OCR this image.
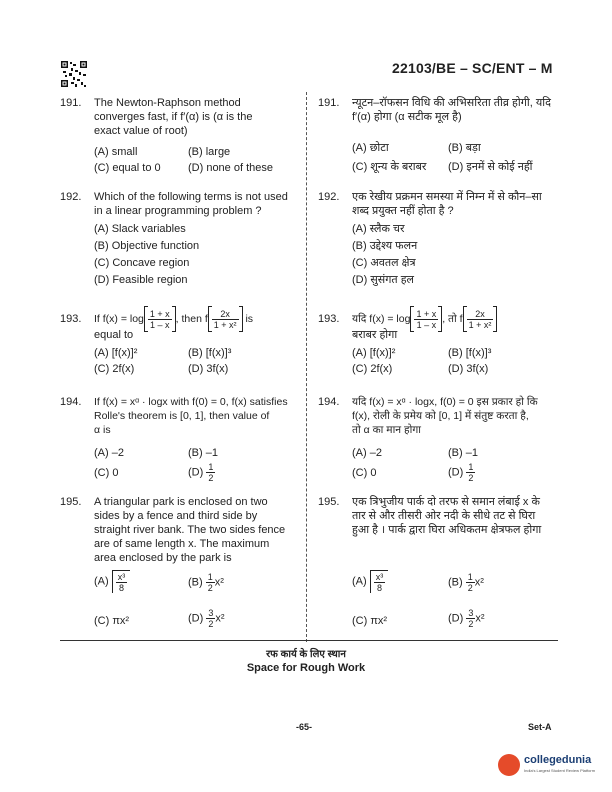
22103/BE – SC/ENT – M
191.	The Newton-Raphson method
converges fast, if f′(α) is (α is the
exact value of root)
(A) small	(B) large
(C) equal to 0 (D) none of these
191.	न्यूटन–रॉफसन विधि की अभिसरिता तीव्र होगी, यदि
f′(α) होगा (α सटीक मूल है)
(A) छोटा	(B) बड़ा
(C) शून्य के बराबर (D) इनमें से कोई नहीं
192.	Which of the following terms is not used
in a linear programming problem ?
(A) Slack variables
(B) Objective function
(C) Concave region
(D) Feasible region
192.	एक रेखीय प्रक्रमन समस्या में निम्न में से कौन–सा
शब्द प्रयुक्त नहीं होता है ?
(A) स्लैक चर
(B) उद्देश्य फलन
(C) अवतल क्षेत्र
(D) सुसंगत हल
193.	If $f(x) = \log \frac{1 + x}{1 - x}$ , then f $\frac{2x}{\text{1 + x²}}$ is
equal to
(A) [f(x)]²	(B) [f(x)]³
(C) 2f(x)	(D) 3f(x)
193.	यदि $f(x) = \log \frac{1 + x}{1 - x}$ , तो f $\frac{2x}{\text{1 + x²}}$
बराबर होगा
(A) [f(x)]²	(B) [f(x)]³
(C) 2f(x)	(D) 3f(x)
194.	If f(x) = xᵅ · logx with f(0) = 0, f(x) satisfies
Rolle's theorem is [0, 1], then value of
α is
(A) –2	(B) –1
(C) 0	$(D) \frac{1}{2}$
194.	यदि f(x) = xᵅ · logx, f(0) = 0 इस प्रकार हो कि
f(x), रोली के प्रमेय को [0, 1] में संतुष्ट करता है,
तो α का मान होगा
(A) –2	(B) –1
(C) 0	$(D) \frac{1}{2}$
195.	A triangular park is enclosed on two
sides by a fence and third side by
straight river bank. The two sides fence
are of same length x. The maximum
area enclosed by the park is
$(A) \frac{\text{x³}}{8}$	$(B) \frac{1}{2} x^2$
(C) πx²	$(D) \frac{3}{2} x^2$
195.	एक त्रिभुजीय पार्क दो तरफ से समान लंबाई x के
तार से और तीसरी ओर नदी के सीधे तट से घिरा
हुआ है । पार्क द्वारा घिरा अधिकतम क्षेत्रफल होगा
$(A) \frac{\text{x³}}{8}$	$(B) \frac{1}{2} x^2$
(C) πx²	$(D) \frac{3}{2} x^2$
रफ कार्य के लिए स्थान
Space for Rough Work
-65-	Set-A
collegedunia
India's Largest Student Review Platform
